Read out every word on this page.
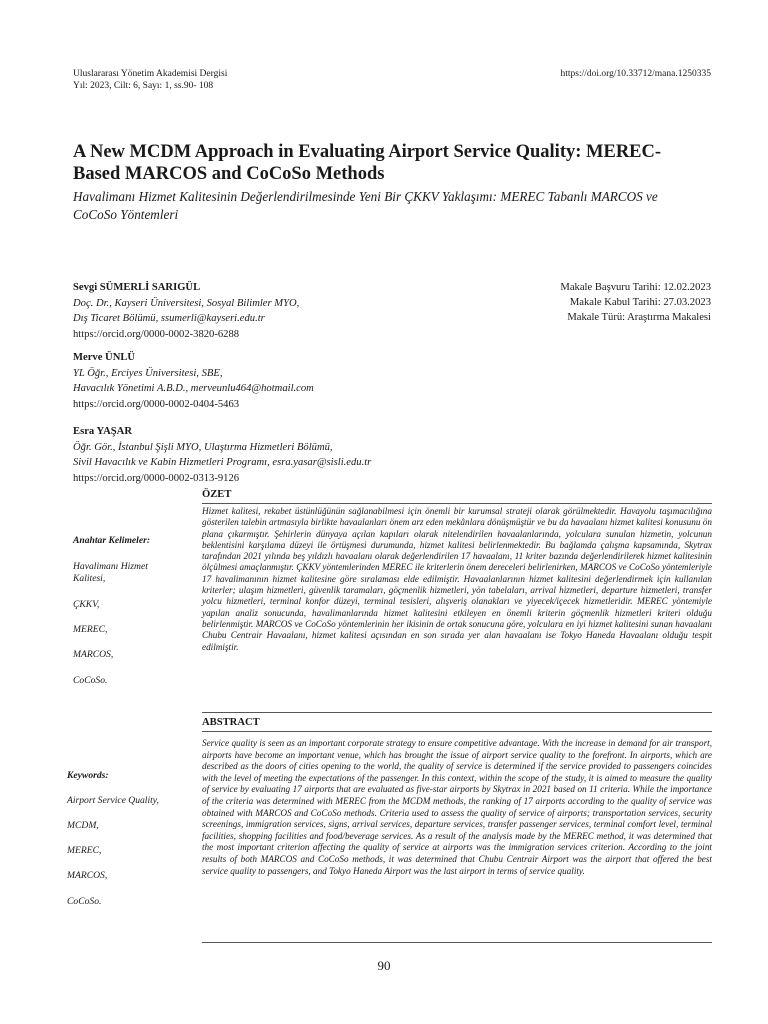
Uluslararası Yönetim Akademisi Dergisi
Yıl: 2023, Cilt: 6, Sayı: 1, ss.90- 108
https://doi.org/10.33712/mana.1250335
A New MCDM Approach in Evaluating Airport Service Quality: MEREC-Based MARCOS and CoCoSo Methods
Havalimanı Hizmet Kalitesinin Değerlendirilmesinde Yeni Bir ÇKKV Yaklaşımı: MEREC Tabanlı MARCOS ve CoCoSo Yöntemleri
Sevgi SÜMERLİ SARIGÜL
Doç. Dr., Kayseri Üniversitesi, Sosyal Bilimler MYO,
Dış Ticaret Bölümü, ssumerli@kayseri.edu.tr
https://orcid.org/0000-0002-3820-6288
Merve ÜNLÜ
YL Öğr., Erciyes Üniversitesi, SBE,
Havacılık Yönetimi A.B.D., merveunlu464@hotmail.com
https://orcid.org/0000-0002-0404-5463
Esra YAŞAR
Öğr. Gör., İstanbul Şişli MYO, Ulaştırma Hizmetleri Bölümü,
Sivil Havacılık ve Kabin Hizmetleri Programı, esra.yasar@sisli.edu.tr
https://orcid.org/0000-0002-0313-9126
Makale Başvuru Tarihi: 12.02.2023
Makale Kabul Tarihi: 27.03.2023
Makale Türü: Araştırma Makalesi
ÖZET
Hizmet kalitesi, rekabet üstünlüğünün sağlanabilmesi için önemli bir kurumsal strateji olarak görülmektedir. Havayolu taşımacılığına gösterilen talebin artmasıyla birlikte havaalanları önem arz eden mekânlara dönüşmüştür ve bu da havaalanı hizmet kalitesi konusunu ön plana çıkarmıştır. Şehirlerin dünyaya açılan kapıları olarak nitelendirilen havaalanlarında, yolculara sunulan hizmetin, yolcunun beklentisini karşılama düzeyi ile örtüşmesi durumunda, hizmet kalitesi belirlenmektedir. Bu bağlamda çalışma kapsamında, Skytrax tarafından 2021 yılında beş yıldızlı havaalanı olarak değerlendirilen 17 havaalanı, 11 kriter bazında değerlendirilerek hizmet kalitesinin ölçülmesi amaçlanmıştır. ÇKKV yöntemlerinden MEREC ile kriterlerin önem dereceleri belirlenirken, MARCOS ve CoCoSo yöntemleriyle 17 havalimanının hizmet kalitesine göre sıralaması elde edilmiştir. Havaalanlarının hizmet kalitesini değerlendirmek için kullanılan kriterler; ulaşım hizmetleri, güvenlik taramaları, göçmenlik hizmetleri, yön tabelaları, arrival hizmetleri, departure hizmetleri, transfer yolcu hizmetleri, terminal konfor düzeyi, terminal tesisleri, alışveriş olanakları ve yiyecek/içecek hizmetleridir. MEREC yöntemiyle yapılan analiz sonucunda, havalimanlarında hizmet kalitesini etkileyen en önemli kriterin göçmenlik hizmetleri kriteri olduğu belirlenmiştir. MARCOS ve CoCoSo yöntemlerinin her ikisinin de ortak sonucuna göre, yolculara en iyi hizmet kalitesini sunan havaalanı Chubu Centrair Havaalanı, hizmet kalitesi açısından en son sırada yer alan havaalanı ise Tokyo Haneda Havaalanı olduğu tespit edilmiştir.
Anahtar Kelimeler:
Havalimanı Hizmet Kalitesi,
ÇKKV,
MEREC,
MARCOS,
CoCoSo.
ABSTRACT
Service quality is seen as an important corporate strategy to ensure competitive advantage. With the increase in demand for air transport, airports have become an important venue, which has brought the issue of airport service quality to the forefront. In airports, which are described as the doors of cities opening to the world, the quality of service is determined if the service provided to passengers coincides with the level of meeting the expectations of the passenger. In this context, within the scope of the study, it is aimed to measure the quality of service by evaluating 17 airports that are evaluated as five-star airports by Skytrax in 2021 based on 11 criteria. While the importance of the criteria was determined with MEREC from the MCDM methods, the ranking of 17 airports according to the quality of service was obtained with MARCOS and CoCoSo methods. Criteria used to assess the quality of service of airports; transportation services, security screenings, immigration services, signs, arrival services, departure services, transfer passenger services, terminal comfort level, terminal facilities, shopping facilities and food/beverage services. As a result of the analysis made by the MEREC method, it was determined that the most important criterion affecting the quality of service at airports was the immigration services criterion. According to the joint results of both MARCOS and CoCoSo methods, it was determined that Chubu Centrair Airport was the airport that offered the best service quality to passengers, and Tokyo Haneda Airport was the last airport in terms of service quality.
Keywords:
Airport Service Quality,
MCDM,
MEREC,
MARCOS,
CoCoSo.
90
